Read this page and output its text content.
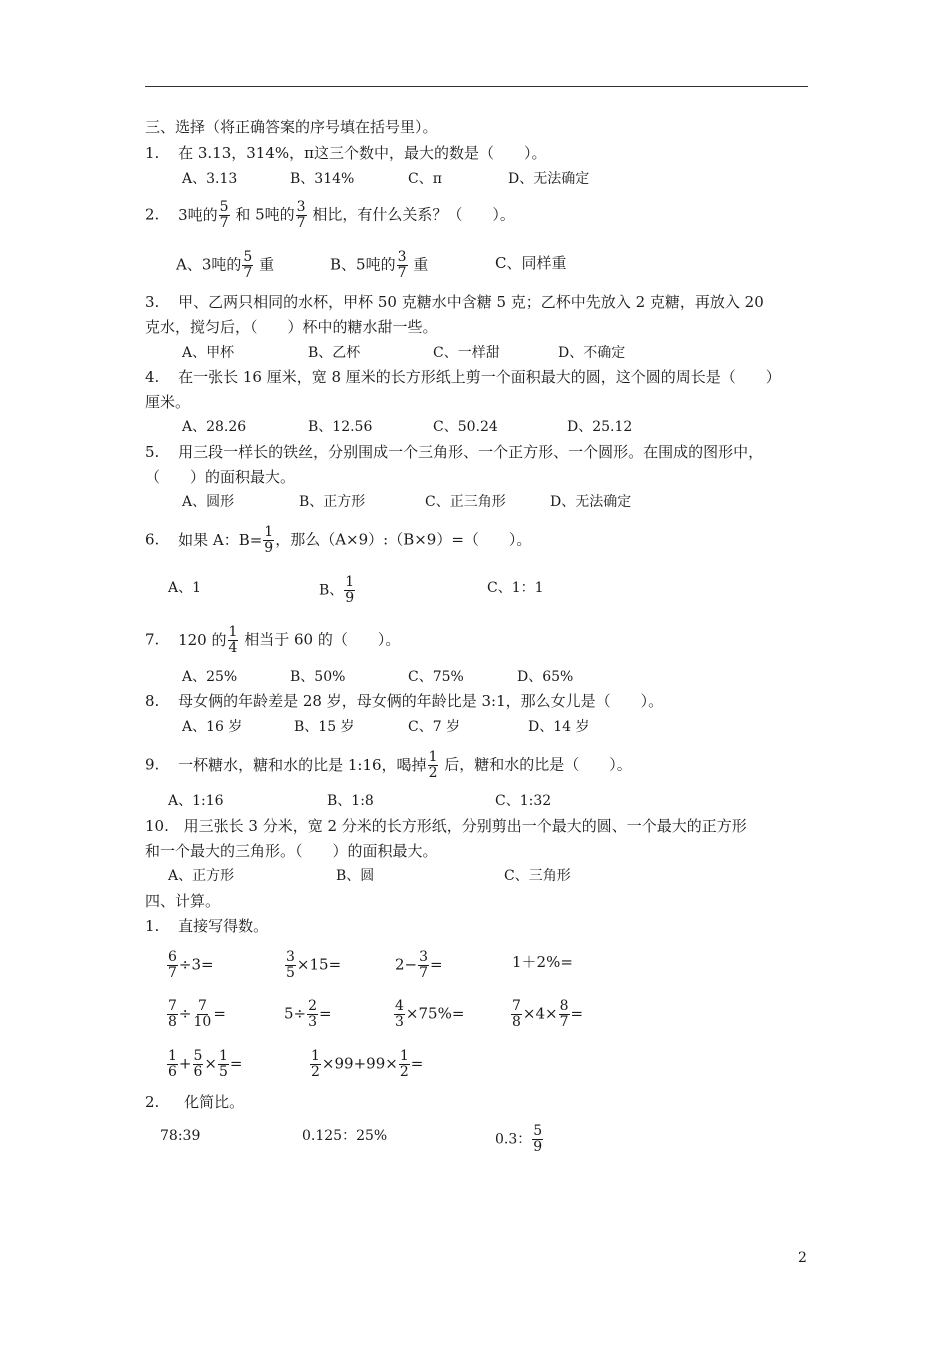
三、选择（将正确答案的序号填在括号里）。
1. 在 3.13，314%，π这三个数中，最大的数是（　　）。
A、3.13	B、314%	C、π	D、无法确定
2. 3吨的 $\frac{5}{7}$ 和 5吨的 $\frac{3}{7}$ 相比，有什么关系？（　　）。
A、3吨的 $\frac{5}{7}$ 重	B、5吨的 $\frac{3}{7}$ 重	C、同样重
3. 甲、乙两只相同的水杯，甲杯 50 克糖水中含糖 5 克；乙杯中先放入 2 克糖，再放入 20
克水，搅匀后，（　　）杯中的糖水甜一些。
A、甲杯	B、乙杯	C、一样甜	D、不确定
4. 在一张长 16 厘米，宽 8 厘米的长方形纸上剪一个面积最大的圆，这个圆的周长是（　　）
厘米。
A、28.26	B、12.56	C、50.24	D、25.12
5. 用三段一样长的铁丝，分别围成一个三角形、一个正方形、一个圆形。在围成的图形中，
（　　）的面积最大。
A、圆形	B、正方形	C、正三角形	D、无法确定
6. 如果 A：$B= \frac{1}{9}$ ，那么（A×9）:（B×9）=（　　）。
A、1	B、 $\frac{1}{9}$	C、1：1
7. 120 的 $\frac{1}{4}$ 相当于 60 的（　　）。
A、25%	B、50%	C、75%	D、65%
8. 母女俩的年龄差是 28 岁，母女俩的年龄比是 3:1，那么女儿是（　　）。
A、16 岁	B、15 岁	C、7 岁	D、14 岁
9. 一杯糖水，糖和水的比是 1:16，喝掉 $\frac{1}{2}$ 后，糖和水的比是（　　）。
A、1:16	B、1:8	C、1:32
10. 用三张长 3 分米，宽 2 分米的长方形纸，分别剪出一个最大的圆、一个最大的正方形
和一个最大的三角形。（　　）的面积最大。
A、正方形	B、圆	C、三角形
四、计算。
1. 直接写得数。
$\frac{6}{7} \div 3=$	$\frac{3}{5} \times 15=$	$2- \frac{3}{7}$ =	1＋2%=
$\frac{7}{8} \div \frac{7}{10}$ =	$5\div \frac{2}{3}$ =	$\frac{4}{3} \times 75\%=$	$\frac{7}{8} \times 4\times \frac{8}{7}$ =
$\frac{1}{6} + \frac{5}{6} \times \frac{1}{5}$ =	$\frac{1}{2} \times 99+99\times \frac{1}{2}$ =
2. 化简比。
78:39	0.125：25%	0.3： $\frac{5}{9}$
2
